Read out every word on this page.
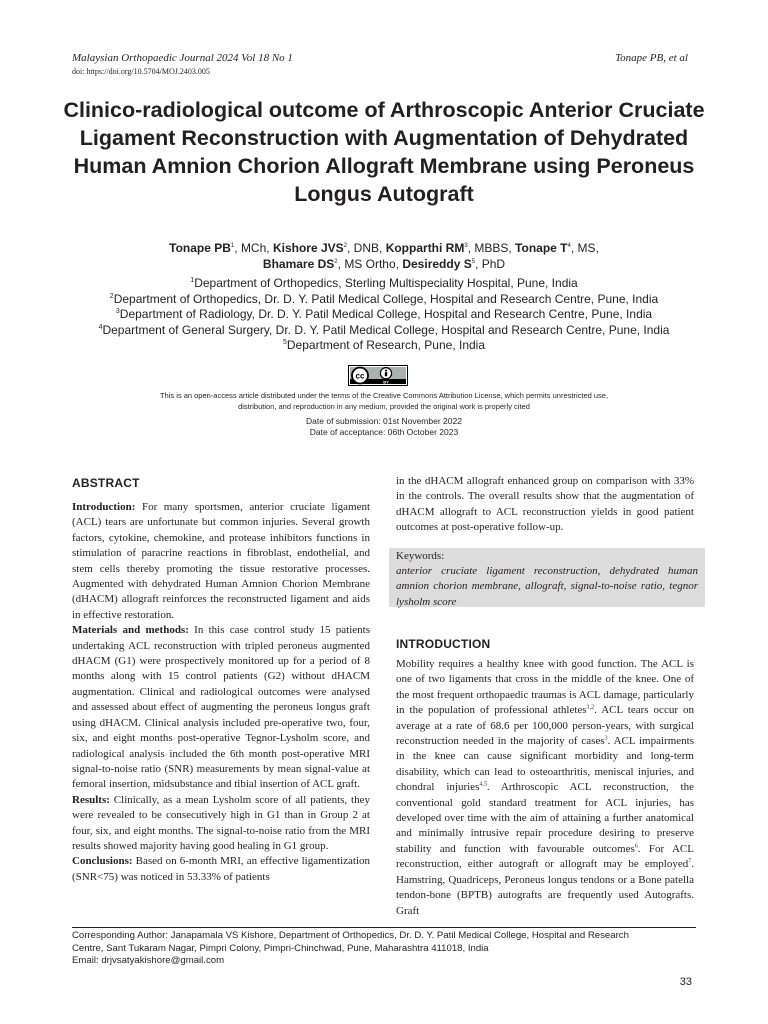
Malaysian Orthopaedic Journal 2024 Vol 18 No 1
doi: https://doi.org/10.5704/MOJ.2403.005
Tonape PB, et al
Clinico-radiological outcome of Arthroscopic Anterior Cruciate Ligament Reconstruction with Augmentation of Dehydrated Human Amnion Chorion Allograft Membrane using Peroneus Longus Autograft
Tonape $PB^1$, MCh, Kishore JVS$^2$, DNB, Kopparthi $RM^3$, MBBS, Tonape $T^4$, MS,
Bhamare $DS^2$, MS Ortho, Desireddy $S^5$, PhD
$^1$Department of Orthopedics, Sterling Multispeciality Hospital, Pune, India
$^2$Department of Orthopedics, Dr. D. Y. Patil Medical College, Hospital and Research Centre, Pune, India
$^3$Department of Radiology, Dr. D. Y. Patil Medical College, Hospital and Research Centre, Pune, India
$^4$Department of General Surgery, Dr. D. Y. Patil Medical College, Hospital and Research Centre, Pune, India
$^5$Department of Research, Pune, India
cc
BY
This is an open-access article distributed under the terms of the Creative Commons Attribution License, which permits unrestricted use,
distribution, and reproduction in any medium, provided the original work is properly cited
Date of submission: 01st November 2022
Date of acceptance: 06th October 2023
ABSTRACT

Introduction: For many sportsmen, anterior cruciate ligament (ACL) tears are unfortunate but common injuries. Several growth factors, cytokine, chemokine, and protease inhibitors functions in stimulation of paracrine reactions in fibroblast, endothelial, and stem cells thereby promoting the tissue restorative processes. Augmented with dehydrated Human Amnion Chorion Membrane (dHACM) allograft reinforces the reconstructed ligament and aids in effective restoration.

Materials and methods: In this case control study 15 patients undertaking ACL reconstruction with tripled peroneus augmented dHACM (G1) were prospectively monitored up for a period of 8 months along with 15 control patients (G2) without dHACM augmentation. Clinical and radiological outcomes were analysed and assessed about effect of augmenting the peroneus longus graft using dHACM. Clinical analysis included pre-operative two, four, six, and eight months post-operative Tegnor-Lysholm score, and radiological analysis included the 6th month post-operative MRI signal-to-noise ratio (SNR) measurements by mean signal-value at femoral insertion, midsubstance and tibial insertion of ACL graft.

Results: Clinically, as a mean Lysholm score of all patients, they were revealed to be consecutively high in G1 than in Group 2 at four, six, and eight months. The signal-to-noise ratio from the MRI results showed majority having good healing in G1 group.

Conclusions: Based on 6-month MRI, an effective ligamentization (SNR<75) was noticed in 53.33% of patients

in the dHACM allograft enhanced group on comparison with 33% in the controls. The overall results show that the augmentation of dHACM allograft to ACL reconstruction yields in good patient outcomes at post-operative follow-up.

Keywords:
anterior cruciate ligament reconstruction, dehydrated human amnion chorion membrane, allograft, signal-to-noise ratio, tegnor lysholm score
INTRODUCTION

Mobility requires a healthy knee with good function. The ACL is one of two ligaments that cross in the middle of the knee. One of the most frequent orthopaedic traumas is ACL damage, particularly in the population of professional athletes$^{1,2}$. ACL tears occur on average at a rate of 68.6 per 100,000 person-years, with surgical reconstruction needed in the majority of cases$^3$. ACL impairments in the knee can cause significant morbidity and long-term disability, which can lead to osteoarthritis, meniscal injuries, and chondral injuries$^{4,5}$. Arthroscopic ACL reconstruction, the conventional gold standard treatment for ACL injuries, has developed over time with the aim of attaining a further anatomical and minimally intrusive repair procedure desiring to preserve stability and function with favourable outcomes$^6$. For ACL reconstruction, either autograft or allograft may be employed$^7$. Hamstring, Quadriceps, Peroneus longus tendons or a Bone patella tendon-bone (BPTB) autografts are frequently used Autografts. Graft

Corresponding Author: Janapamala VS Kishore, Department of Orthopedics, Dr. D. Y. Patil Medical College, Hospital and Research
Centre, Sant Tukaram Nagar, Pimpri Colony, Pimpri-Chinchwad, Pune, Maharashtra 411018, India
Email: drjvsatyakishore@gmail.com
33
